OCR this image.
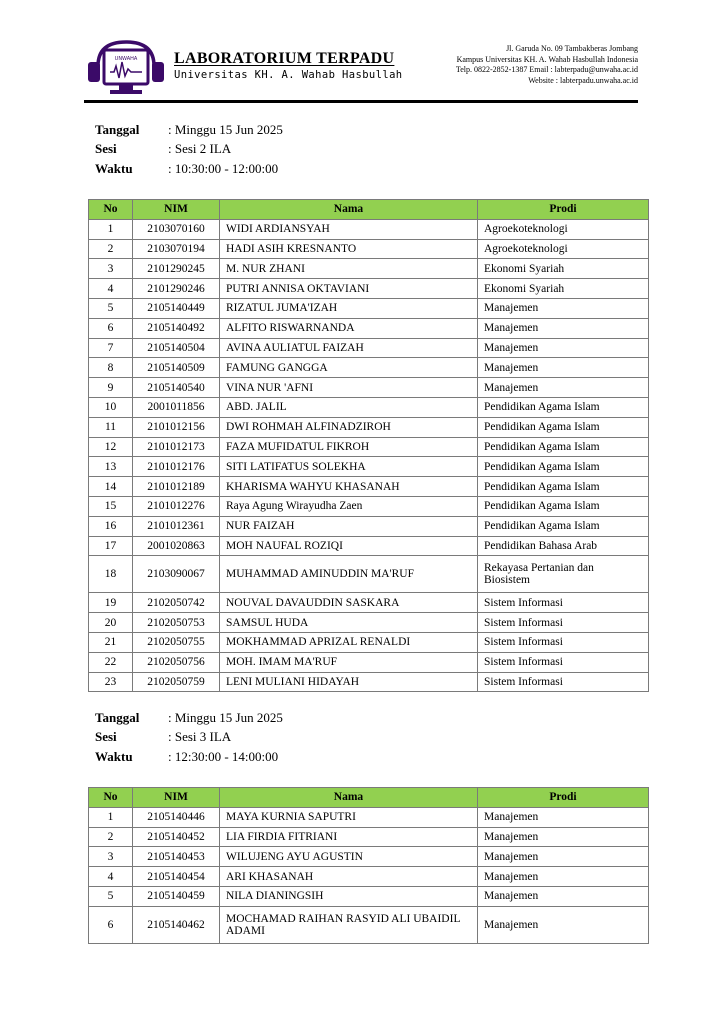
UNWAHA LABORATORIUM TERPADU
Universitas KH. A. Wahab Hasbullah
Jl. Garuda No. 09 Tambakberas Jombang
Kampus Universitas KH. A. Wahab Hasbullah Indonesia
Telp. 0822-2852-1387 Email : labterpadu@unwaha.ac.id
Website : labterpadu.unwaha.ac.id
Tanggal	: Minggu 15 Jun 2025
Sesi	: Sesi 2 ILA
Waktu	: 10:30:00 - 12:00:00
No	NIM	Nama	Prodi
1	2103070160	WIDI ARDIANSYAH	Agroekoteknologi
2	2103070194	HADI ASIH KRESNANTO	Agroekoteknologi
3	2101290245	M. NUR ZHANI	Ekonomi Syariah
4	2101290246	PUTRI ANNISA OKTAVIANI	Ekonomi Syariah
5	2105140449	RIZATUL JUMA'IZAH	Manajemen
6	2105140492	ALFITO RISWARNANDA	Manajemen
7	2105140504	AVINA AULIATUL FAIZAH	Manajemen
8	2105140509	FAMUNG GANGGA	Manajemen
9	2105140540	VINA NUR 'AFNI	Manajemen
10	2001011856	ABD. JALIL	Pendidikan Agama Islam
11	2101012156	DWI ROHMAH ALFINADZIROH	Pendidikan Agama Islam
12	2101012173	FAZA MUFIDATUL FIKROH	Pendidikan Agama Islam
13	2101012176	SITI LATIFATUS SOLEKHA	Pendidikan Agama Islam
14	2101012189	KHARISMA WAHYU KHASANAH	Pendidikan Agama Islam
15	2101012276	Raya Agung Wirayudha Zaen	Pendidikan Agama Islam
16	2101012361	NUR FAIZAH	Pendidikan Agama Islam
17	2001020863	MOH NAUFAL ROZIQI	Pendidikan Bahasa Arab
18	2103090067	MUHAMMAD AMINUDDIN MA'RUF	Rekayasa Pertanian dan Biosistem
19	2102050742	NOUVAL DAVAUDDIN SASKARA	Sistem Informasi
20	2102050753	SAMSUL HUDA	Sistem Informasi
21	2102050755	MOKHAMMAD APRIZAL RENALDI	Sistem Informasi
22	2102050756	MOH. IMAM MA'RUF	Sistem Informasi
23	2102050759	LENI MULIANI HIDAYAH	Sistem Informasi
Tanggal	: Minggu 15 Jun 2025
Sesi	: Sesi 3 ILA
Waktu	: 12:30:00 - 14:00:00
No	NIM	Nama	Prodi
1	2105140446	MAYA KURNIA SAPUTRI	Manajemen
2	2105140452	LIA FIRDIA FITRIANI	Manajemen
3	2105140453	WILUJENG AYU AGUSTIN	Manajemen
4	2105140454	ARI KHASANAH	Manajemen
5	2105140459	NILA DIANINGSIH	Manajemen
6	2105140462	MOCHAMAD RAIHAN RASYID ALI UBAIDIL ADAMI	Manajemen
